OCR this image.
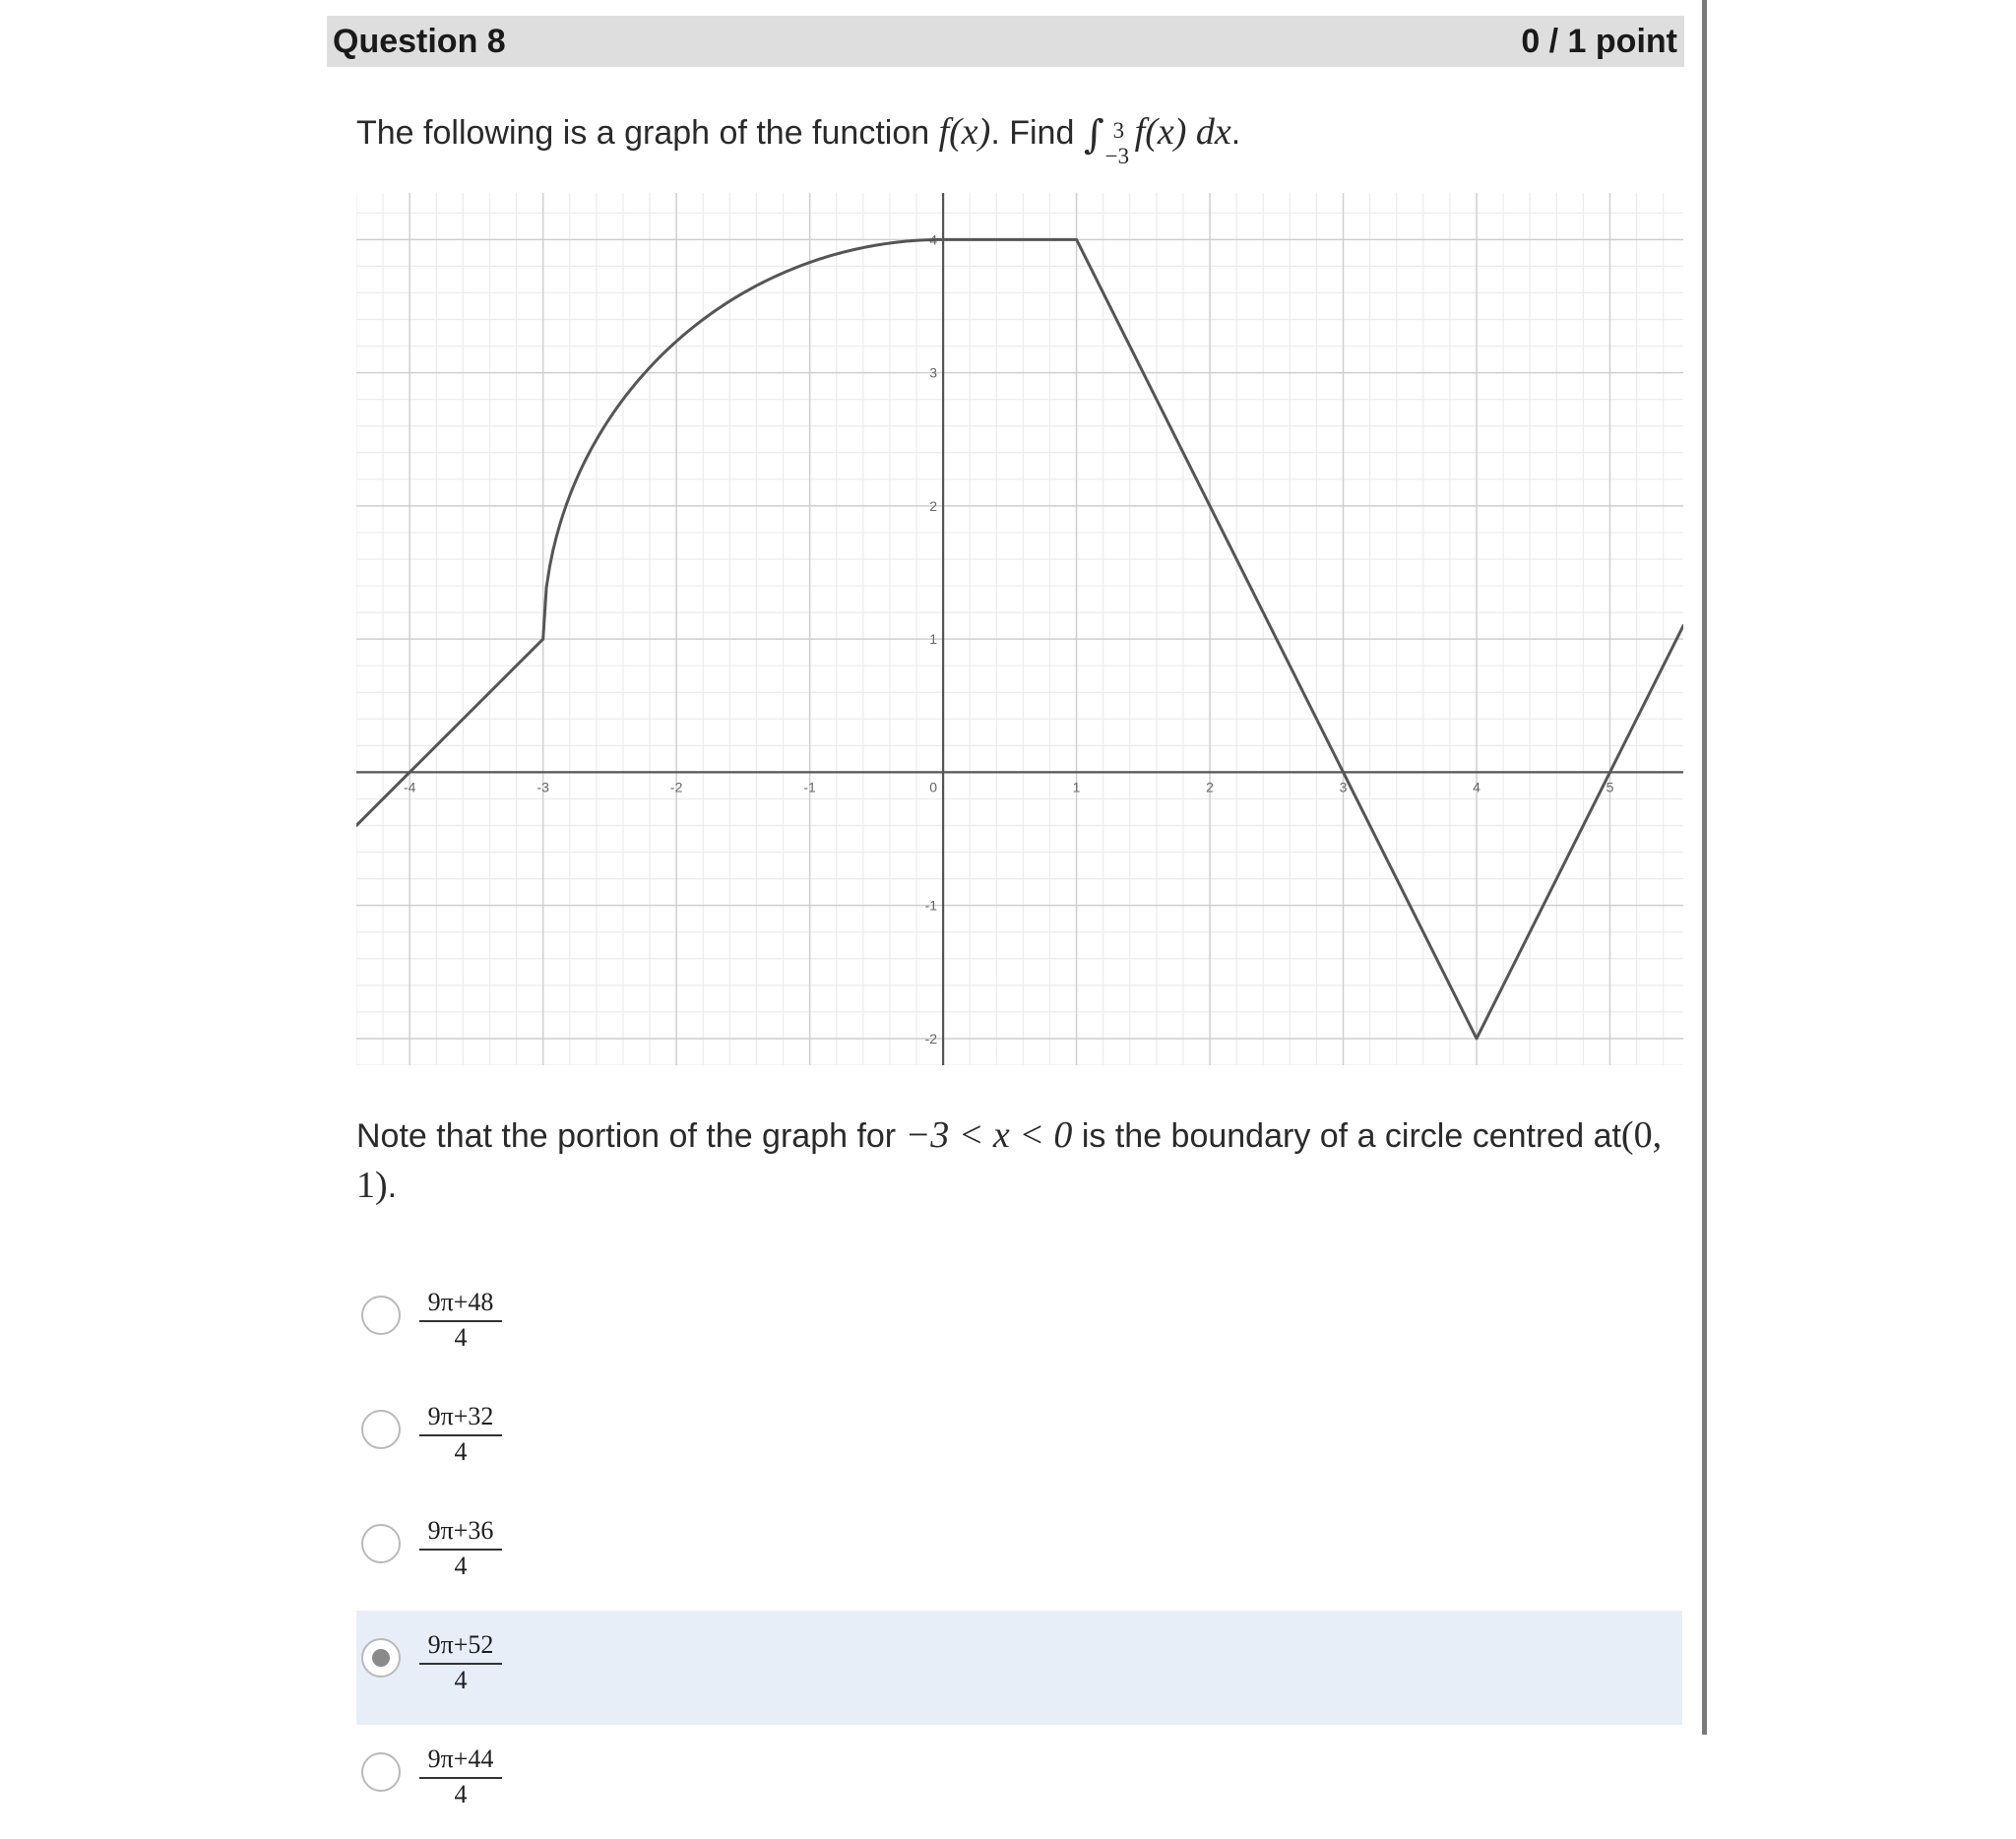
Question 8	0 / 1 point
The following is a graph of the function f(x). Find ∫ 3
−3
f(x) dx.
-4	-3	-2	-1	0	1	2	3	4	5
-2
-1
1
2
3
4
Note that the portion of the graph for −3 < x < 0 is the boundary of a circle centred at(0, 1).
$\frac{9\pi+48}{4}$
$\frac{9\pi+32}{4}$
$\frac{9\pi+36}{4}$
$\frac{9\pi+52}{4}$
$\frac{9\pi+44}{4}$
